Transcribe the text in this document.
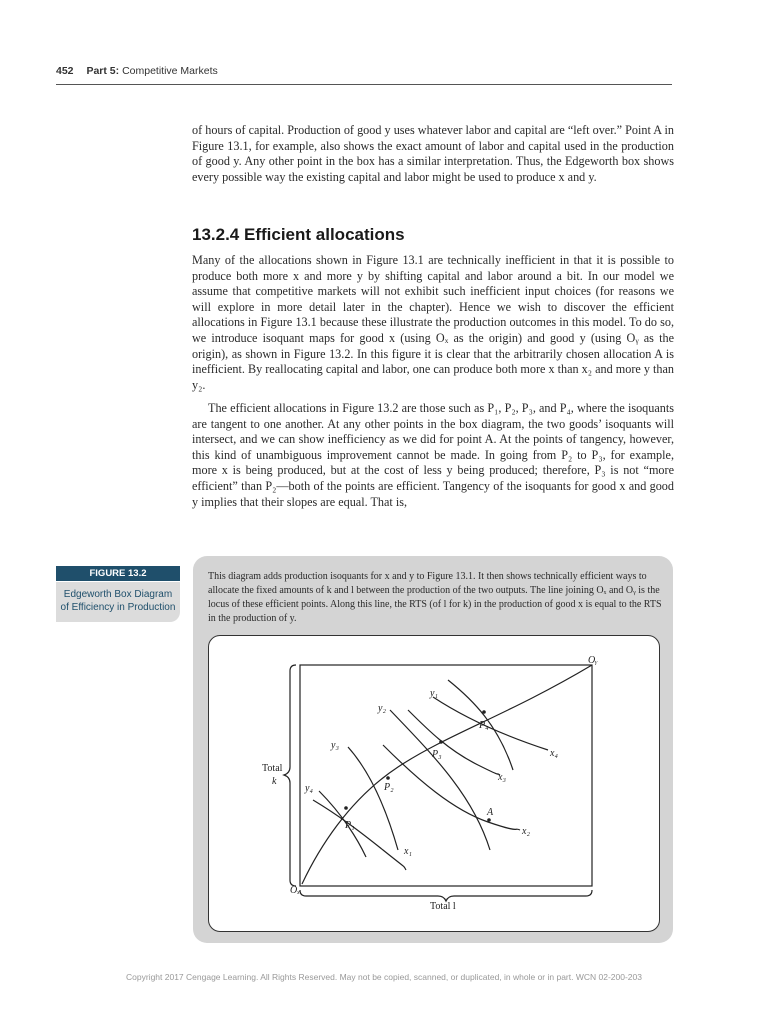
452 Part 5: Competitive Markets

of hours of capital. Production of good y uses whatever labor and capital are “left over.” Point A in Figure 13.1, for example, also shows the exact amount of labor and capital used in the production of good y. Any other point in the box has a similar interpretation. Thus, the Edgeworth box shows every possible way the existing capital and labor might be used to produce x and y.

13.2.4 Efficient allocations

Many of the allocations shown in Figure 13.1 are technically inefficient in that it is possible to produce both more x and more y by shifting capital and labor around a bit. In our model we assume that competitive markets will not exhibit such inefficient input choices (for reasons we will explore in more detail later in the chapter). Hence we wish to discover the efficient allocations in Figure 13.1 because these illustrate the production outcomes in this model. To do so, we introduce isoquant maps for good x (using Oₓ as the origin) and good y (using Oᵧ as the origin), as shown in Figure 13.2. In this figure it is clear that the arbitrarily chosen allocation A is inefficient. By reallocating capital and labor, one can produce both more x than x₂ and more y than y₂.

The efficient allocations in Figure 13.2 are those such as P₁, P₂, P₃, and P₄, where the isoquants are tangent to one another. At any other points in the box diagram, the two goods’ isoquants will intersect, and we can show inefficiency as we did for point A. At the points of tangency, however, this kind of unambiguous improvement cannot be made. In going from P₂ to P₃, for example, more x is being produced, but at the cost of less y being produced; therefore, P₃ is not “more efficient” than P₂—both of the points are efficient. Tangency of the isoquants for good x and good y implies that their slopes are equal. That is,

FIGURE 13.2
Edgeworth Box Diagram
of Efficiency in Production
This diagram adds production isoquants for x and y to Figure 13.1. It then shows technically efficient ways to allocate the fixed amounts of k and l between the production of the two outputs. The line joining Oₓ and Oᵧ is the locus of these efficient points. Along this line, the RTS (of l for k) in the production of good x is equal to the RTS in the production of y.
Oᵧ
Oₓ
Total
k
Total l
x₁
x₂
x₃
x₄
y₁
y₂
y₃
y₄
P₁
P₂
P₃
P₄
A
Copyright 2017 Cengage Learning. All Rights Reserved. May not be copied, scanned, or duplicated, in whole or in part. WCN 02-200-203
